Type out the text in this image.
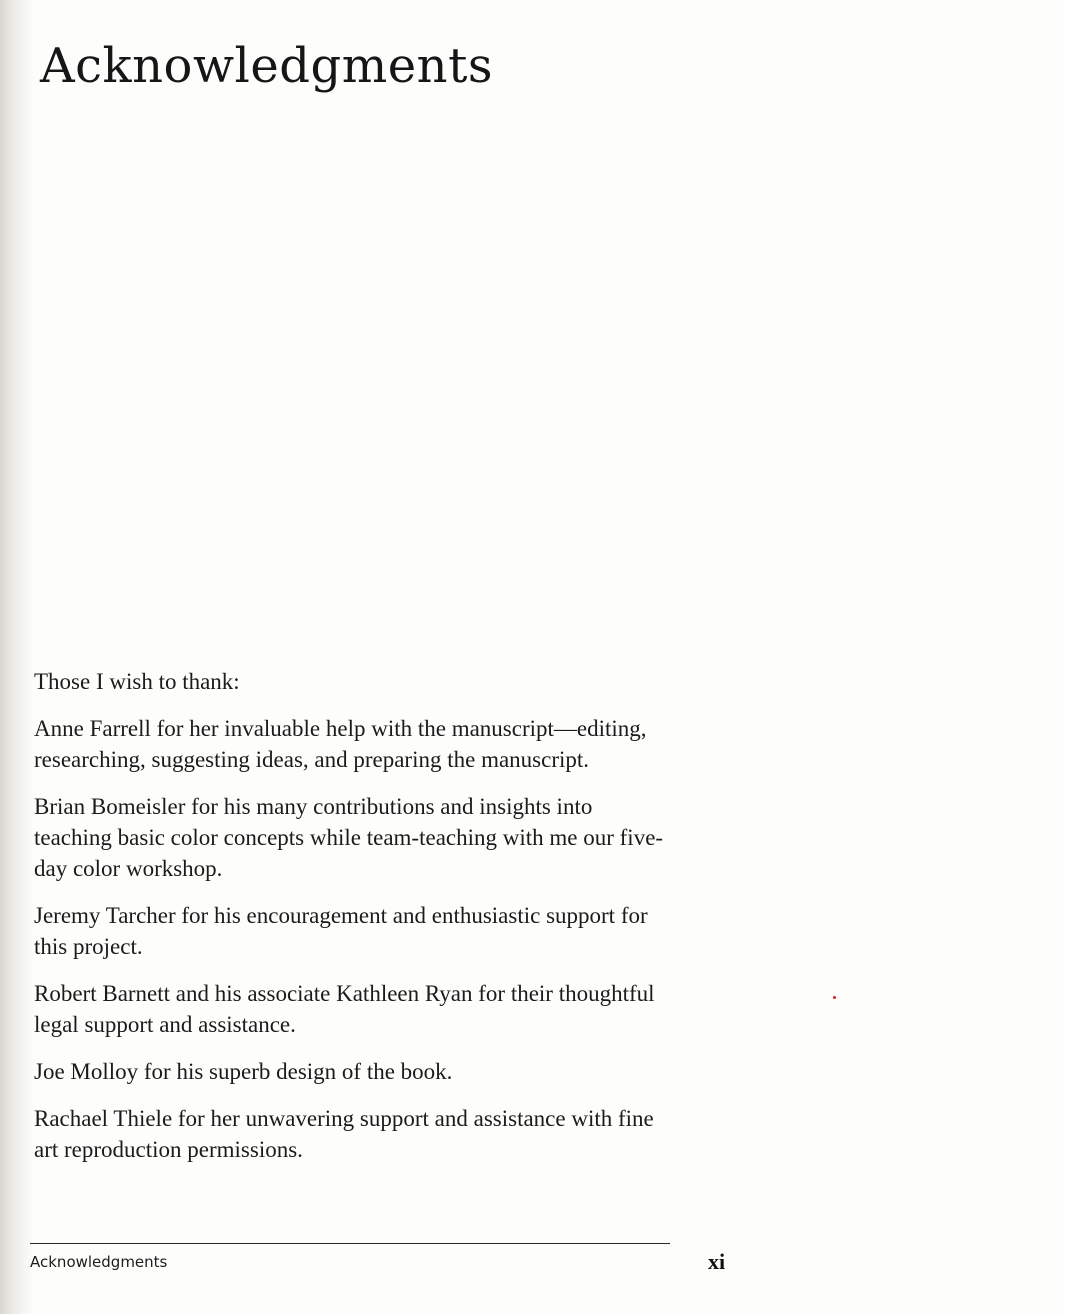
Acknowledgments

Those I wish to thank:

Anne Farrell for her invaluable help with the manuscript—editing, researching, suggesting ideas, and preparing the manuscript.

Brian Bomeisler for his many contributions and insights into teaching basic color concepts while team-teaching with me our five-day color workshop.

Jeremy Tarcher for his encouragement and enthusiastic support for this project.

Robert Barnett and his associate Kathleen Ryan for their thoughtful legal support and assistance.

Joe Molloy for his superb design of the book.

Rachael Thiele for her unwavering support and assistance with fine art reproduction permissions.

Acknowledgments	xi
